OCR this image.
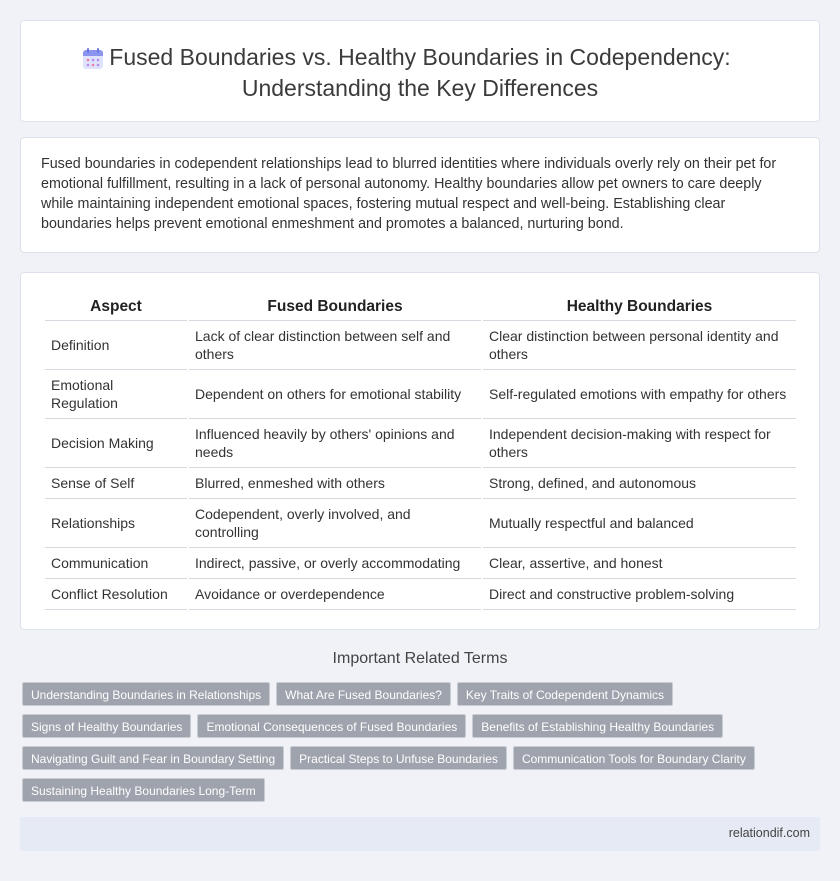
Fused Boundaries vs. Healthy Boundaries in Codependency: Understanding the Key Differences

Fused boundaries in codependent relationships lead to blurred identities where individuals overly rely on their pet for emotional fulfillment, resulting in a lack of personal autonomy. Healthy boundaries allow pet owners to care deeply while maintaining independent emotional spaces, fostering mutual respect and well-being. Establishing clear boundaries helps prevent emotional enmeshment and promotes a balanced, nurturing bond.

Aspect	Fused Boundaries	Healthy Boundaries
Definition	Lack of clear distinction between self and others	Clear distinction between personal identity and others
Emotional Regulation	Dependent on others for emotional stability	Self-regulated emotions with empathy for others
Decision Making	Influenced heavily by others' opinions and needs	Independent decision-making with respect for others
Sense of Self	Blurred, enmeshed with others	Strong, defined, and autonomous
Relationships	Codependent, overly involved, and controlling	Mutually respectful and balanced
Communication	Indirect, passive, or overly accommodating	Clear, assertive, and honest
Conflict Resolution	Avoidance or overdependence	Direct and constructive problem-solving
Important Related Terms
Understanding Boundaries in Relationships	What Are Fused Boundaries?	Key Traits of Codependent Dynamics
Signs of Healthy Boundaries	Emotional Consequences of Fused Boundaries	Benefits of Establishing Healthy Boundaries
Navigating Guilt and Fear in Boundary Setting	Practical Steps to Unfuse Boundaries	Communication Tools for Boundary Clarity
Sustaining Healthy Boundaries Long-Term
relationdif.com
